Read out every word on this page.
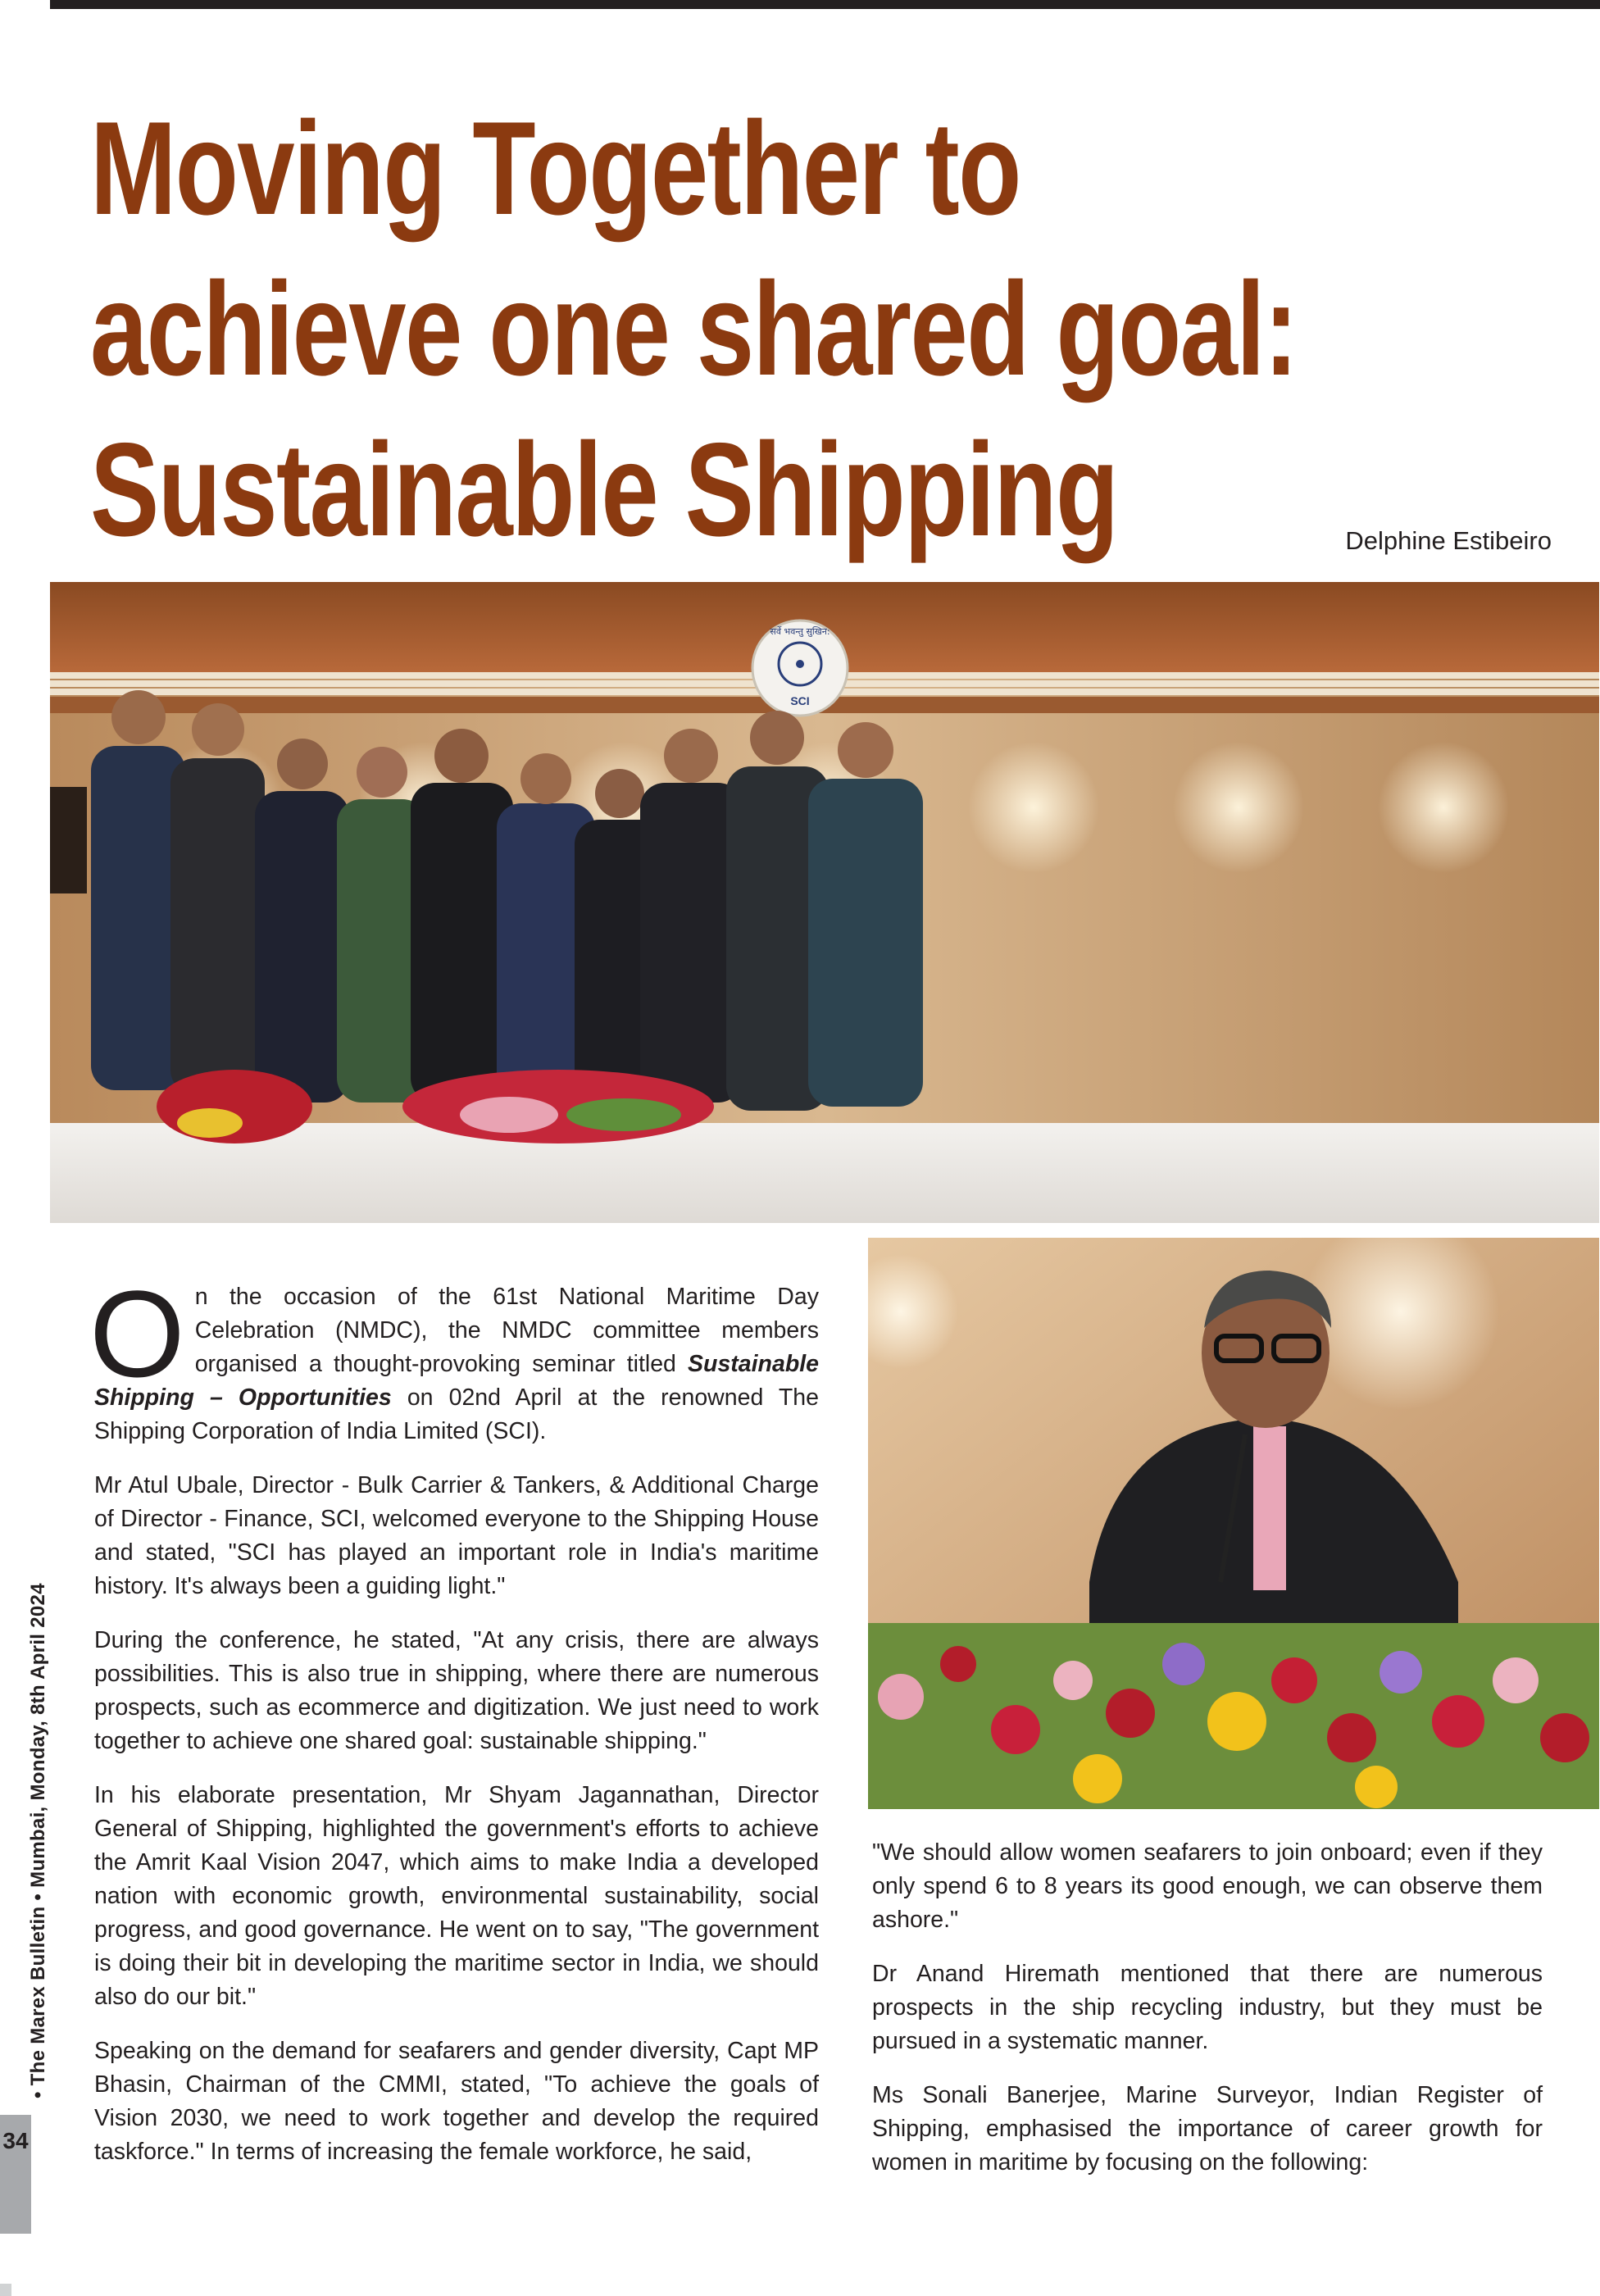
Moving Together to
achieve one shared goal:
Sustainable Shipping	Delphine Estibeiro
सर्वे भवन्तु सुखिन:
SCI

On the occasion of the 61st National Maritime Day Celebration (NMDC), the NMDC committee members organised a thought-provoking seminar titled Sustainable Shipping – Opportunities on 02nd April at the renowned The Shipping Corporation of India Limited (SCI).

Mr Atul Ubale, Director - Bulk Carrier & Tankers, & Additional Charge of Director - Finance, SCI, welcomed everyone to the Shipping House and stated, "SCI has played an important role in India's maritime history. It's always been a guiding light."

During the conference, he stated, "At any crisis, there are always possibilities. This is also true in shipping, where there are numerous prospects, such as ecommerce and digitization. We just need to work together to achieve one shared goal: sustainable shipping."

In his elaborate presentation, Mr Shyam Jagannathan, Director General of Shipping, highlighted the government's efforts to achieve the Amrit Kaal Vision 2047, which aims to make India a developed nation with economic growth, environmental sustainability, social progress, and good governance. He went on to say, "The government is doing their bit in developing the maritime sector in India, we should also do our bit."

Speaking on the demand for seafarers and gender diversity, Capt MP Bhasin, Chairman of the CMMI, stated, "To achieve the goals of Vision 2030, we need to work together and develop the required taskforce." In terms of increasing the female workforce, he said,

"We should allow women seafarers to join onboard; even if they only spend 6 to 8 years its good enough, we can observe them ashore."

Dr Anand Hiremath mentioned that there are numerous prospects in the ship recycling industry, but they must be pursued in a systematic manner.

Ms Sonali Banerjee, Marine Surveyor, Indian Register of Shipping, emphasised the importance of career growth for women in maritime by focusing on the following:

• The Marex Bulletin • Mumbai, Monday, 8th April 2024
34
